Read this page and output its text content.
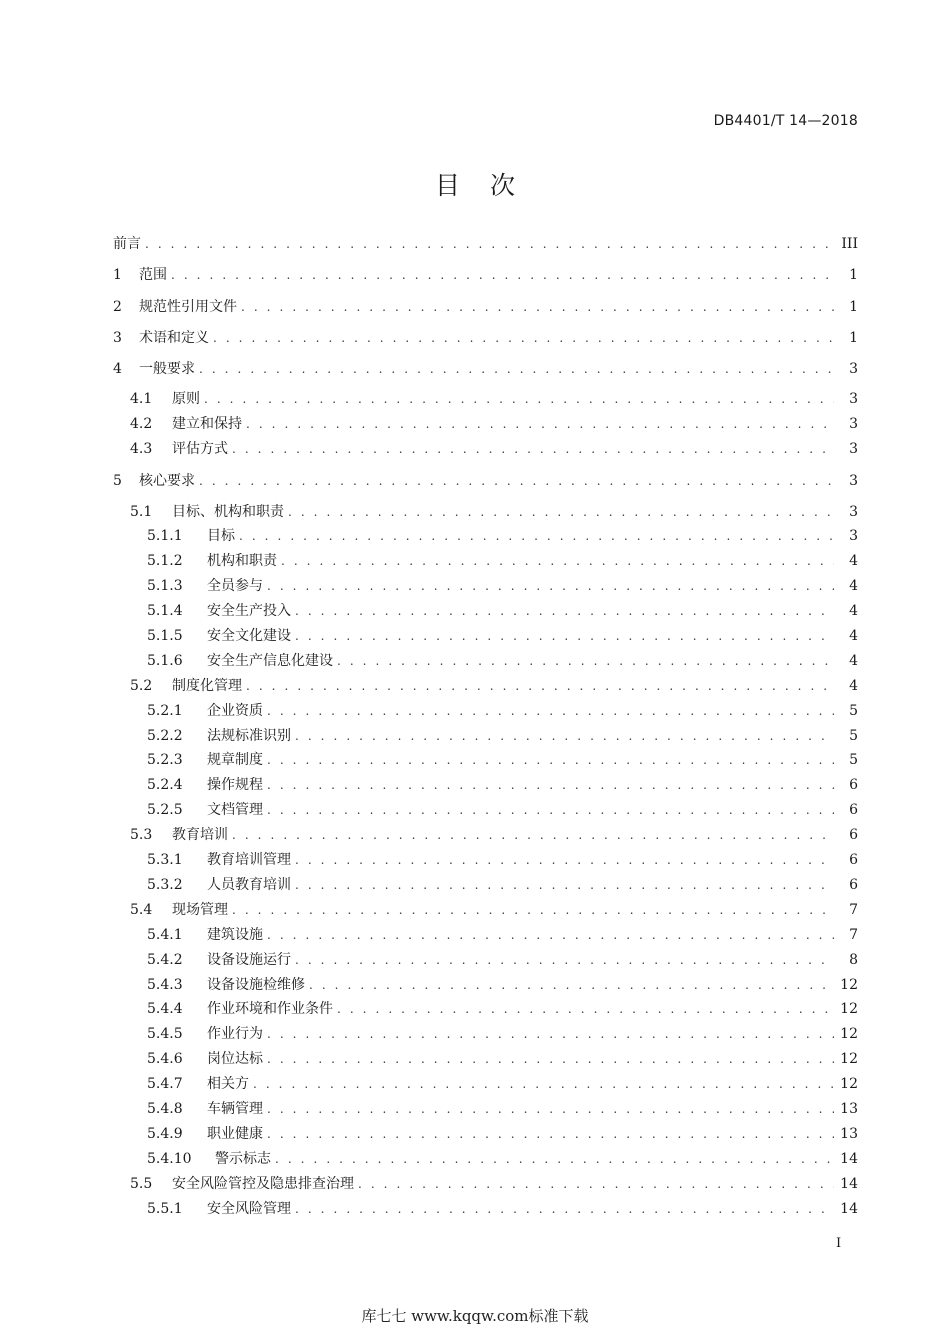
DB4401/T 14—2018
目次
前言 . . .	III
1	范围 . . .	1
2	规范性引用文件 . . .	1
3	术语和定义 . . .	1
4	一般要求 . . .	3
4.1	原则 . . .	3
4.2	建立和保持 . . .	3
4.3	评估方式 . . .	3
5	核心要求 . . .	3
5.1	目标、机构和职责 . . .	3
5.1.1	目标 . . .	3
5.1.2	机构和职责 . . .	4
5.1.3	全员参与 . . .	4
5.1.4	安全生产投入 . . .	4
5.1.5	安全文化建设 . . .	4
5.1.6	安全生产信息化建设 . . .	4
5.2	制度化管理 . . .	4
5.2.1	企业资质 . . .	5
5.2.2	法规标准识别 . . .	5
5.2.3	规章制度 . . .	5
5.2.4	操作规程 . . .	6
5.2.5	文档管理 . . .	6
5.3	教育培训 . . .	6
5.3.1	教育培训管理 . . .	6
5.3.2	人员教育培训 . . .	6
5.4	现场管理 . . .	7
5.4.1	建筑设施 . . .	7
5.4.2	设备设施运行 . . .	8
5.4.3	设备设施检维修 . . .	12
5.4.4	作业环境和作业条件 . . .	12
5.4.5	作业行为 . . .	12
5.4.6	岗位达标 . . .	12
5.4.7	相关方 . . .	12
5.4.8	车辆管理 . . .	13
5.4.9	职业健康 . . .	13
5.4.10	警示标志 . . .	14
5.5	安全风险管控及隐患排查治理 . . .	14
5.5.1	安全风险管理 . . .	14
I
库七七 www.kqqw.com标准下载
